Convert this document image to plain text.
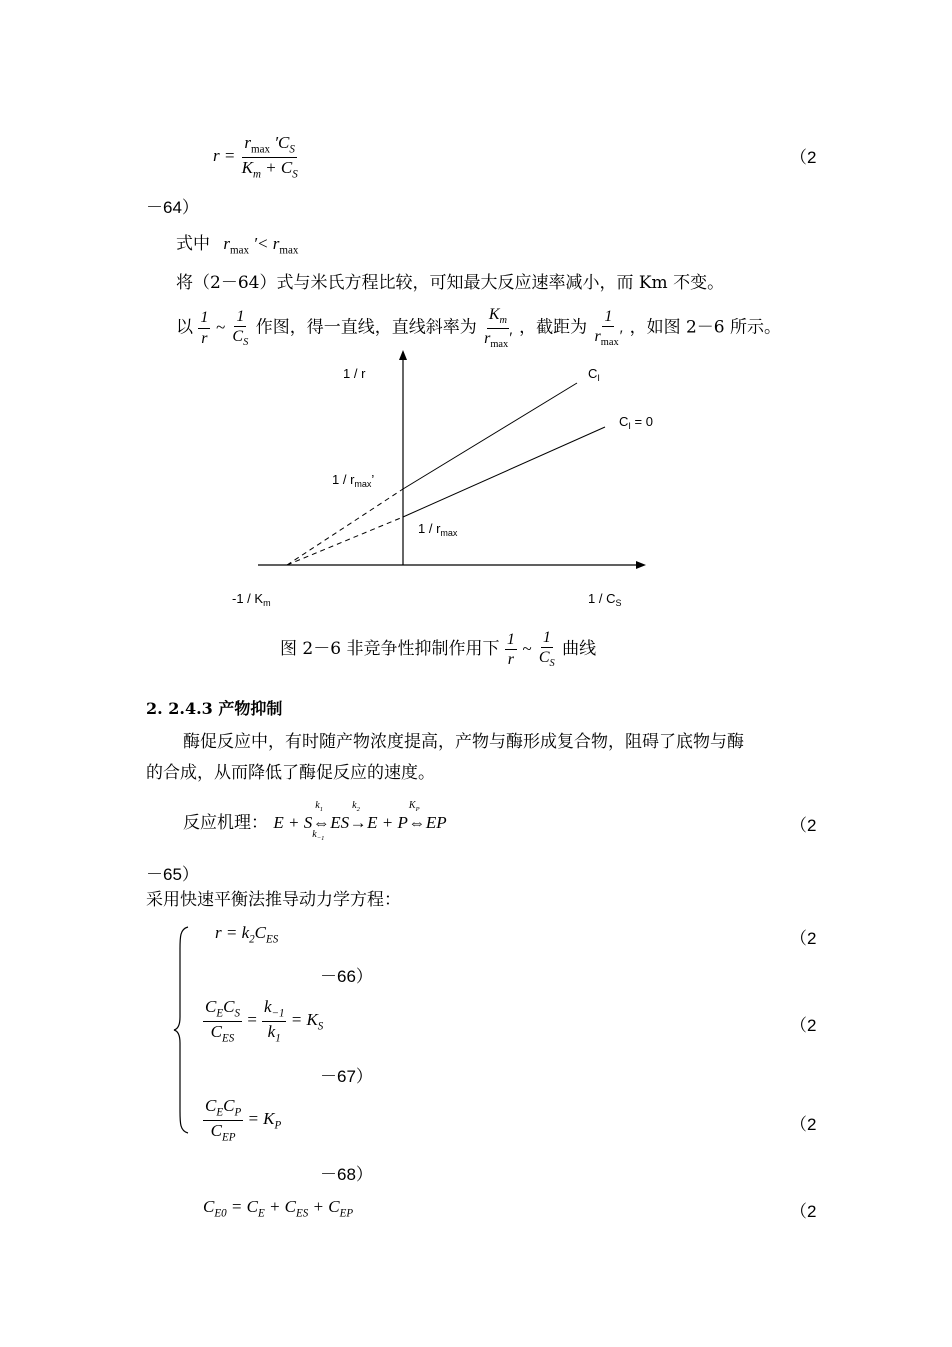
$r = \frac{r_{max} 'C_S}{K_m + C_S}$	（2
－64）
式中 $r_{max}$ ′< $r_{max}$
将（2－64）式与米氏方程比较，可知最大反应速率减小，而 Km 不变。
以 $\frac{1}{r}$ ~ $\frac{1}{C_S}$ 作图，得一直线，直线斜率为 $\frac{K_m}{r_{max}'}$ ，截距为 $\frac{1}{r_{max}'}$ ，如图 2－6 所示。
1 / r	$C_I$
$C_I = 0$
$1 / r_{max}$’
$1 / r_{max}$
$-1 / K_m$	$1 / C_S$
图 2－6 非竞争性抑制作用下 $\frac{1}{r}$ ~ $\frac{1}{C_S}$ 曲线
2. 2.4.3 产物抑制
酶促反应中，有时随产物浓度提高，产物与酶形成复合物，阻碍了底物与酶
的合成，从而降低了酶促反应的速度。
反应机理： E + S
$k_1$
⇔
$k_{-1}$
ES
$k_2$
→E + P
$K_P$
⇔EP	（2
－65）
采用快速平衡法推导动力学方程：
$r = k_2C_{ES}$	（2
－66）
$\frac{C_EC_S}{C_{ES}} = \frac{k_{-1}}{k_1} = K_S$	（2
－67）
$\frac{C_EC_P}{C_{EP}} = K_P$	（2
－68）
$C_{E0} = C_E + C_{ES} + C_{EP}$	（2
